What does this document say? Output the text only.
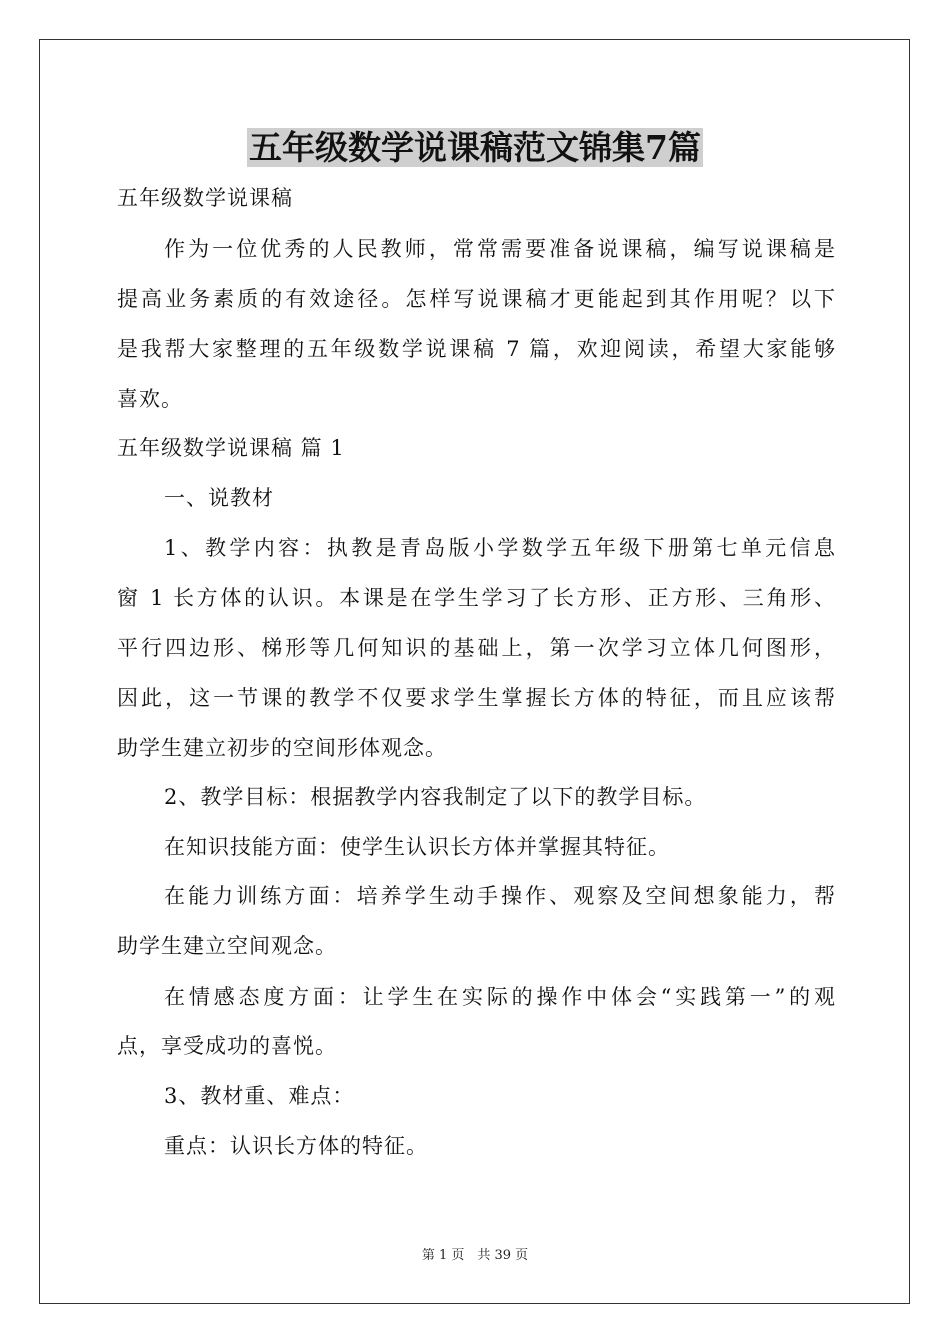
五年级数学说课稿范文锦集7篇
五年级数学说课稿
作为一位优秀的人民教师，常常需要准备说课稿，编写说课稿是
提高业务素质的有效途径。怎样写说课稿才更能起到其作用呢？以下
是我帮大家整理的五年级数学说课稿 7 篇，欢迎阅读，希望大家能够
喜欢。
五年级数学说课稿 篇 1
一、说教材
1、教学内容：执教是青岛版小学数学五年级下册第七单元信息
窗 1 长方体的认识。本课是在学生学习了长方形、正方形、三角形、
平行四边形、梯形等几何知识的基础上，第一次学习立体几何图形，
因此，这一节课的教学不仅要求学生掌握长方体的特征，而且应该帮
助学生建立初步的空间形体观念。
2、教学目标：根据教学内容我制定了以下的教学目标。
在知识技能方面：使学生认识长方体并掌握其特征。
在能力训练方面：培养学生动手操作、观察及空间想象能力，帮
助学生建立空间观念。
在情感态度方面：让学生在实际的操作中体会“实践第一”的观
点，享受成功的喜悦。
3、教材重、难点：
重点：认识长方体的特征。
第 1 页　共 39 页
